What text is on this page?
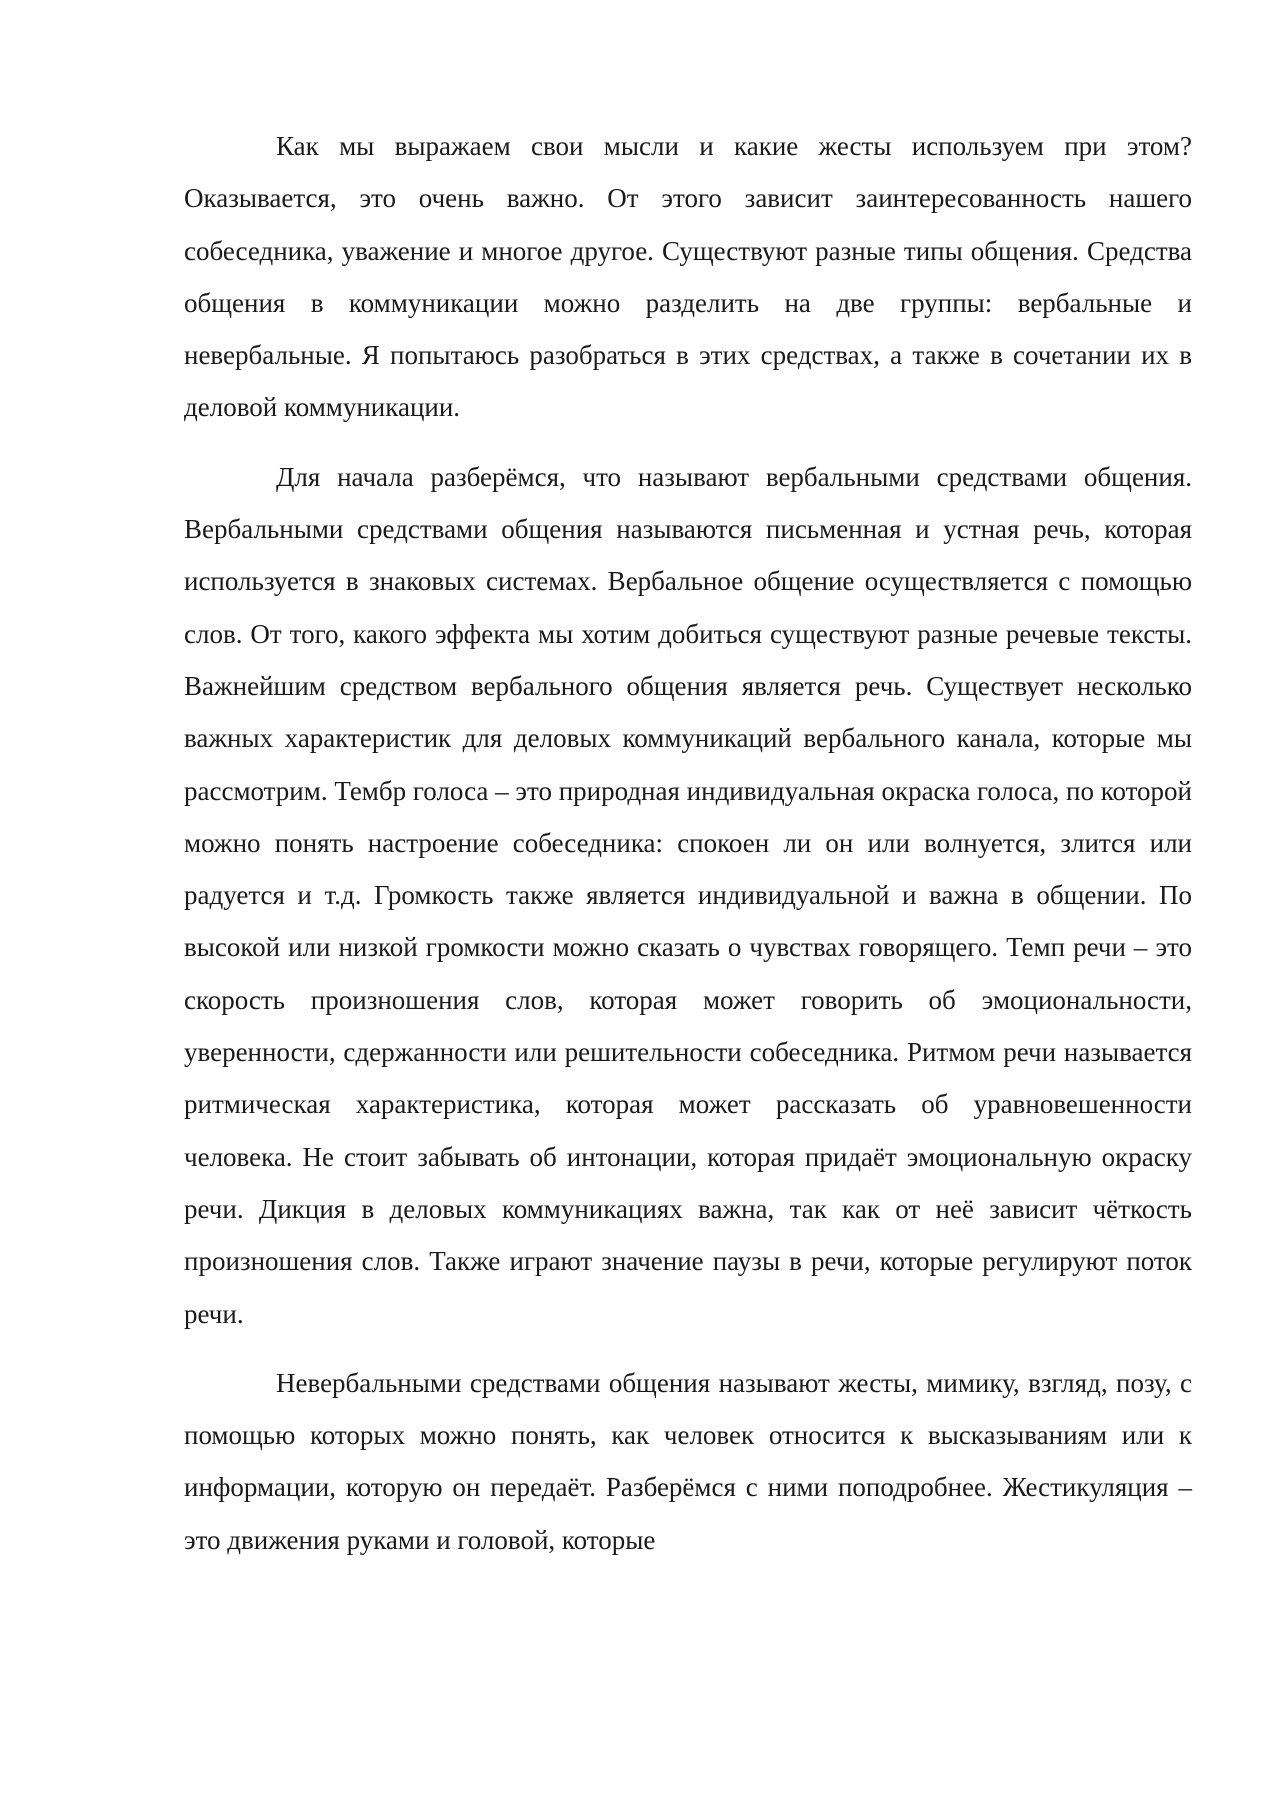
Как мы выражаем свои мысли и какие жесты используем при этом? Оказывается, это очень важно. От этого зависит заинтересованность нашего собеседника, уважение и многое другое. Существуют разные типы общения. Средства общения в коммуникации можно разделить на две группы: вербальные и невербальные. Я попытаюсь разобраться в этих средствах, а также в сочетании их в деловой коммуникации.

Для начала разберёмся, что называют вербальными средствами общения. Вербальными средствами общения называются письменная и устная речь, которая используется в знаковых системах. Вербальное общение осуществляется с помощью слов. От того, какого эффекта мы хотим добиться существуют разные речевые тексты. Важнейшим средством вербального общения является речь. Существует несколько важных характеристик для деловых коммуникаций вербального канала, которые мы рассмотрим. Тембр голоса – это природная индивидуальная окраска голоса, по которой можно понять настроение собеседника: спокоен ли он или волнуется, злится или радуется и т.д. Громкость также является индивидуальной и важна в общении. По высокой или низкой громкости можно сказать о чувствах говорящего. Темп речи – это скорость произношения слов, которая может говорить об эмоциональности, уверенности, сдержанности или решительности собеседника. Ритмом речи называется ритмическая характеристика, которая может рассказать об уравновешенности человека. Не стоит забывать об интонации, которая придаёт эмоциональную окраску речи. Дикция в деловых коммуникациях важна, так как от неё зависит чёткость произношения слов. Также играют значение паузы в речи, которые регулируют поток речи.

Невербальными средствами общения называют жесты, мимику, взгляд, позу, с помощью которых можно понять, как человек относится к высказываниям или к информации, которую он передаёт. Разберёмся с ними поподробнее. Жестикуляция – это движения руками и головой, которые
